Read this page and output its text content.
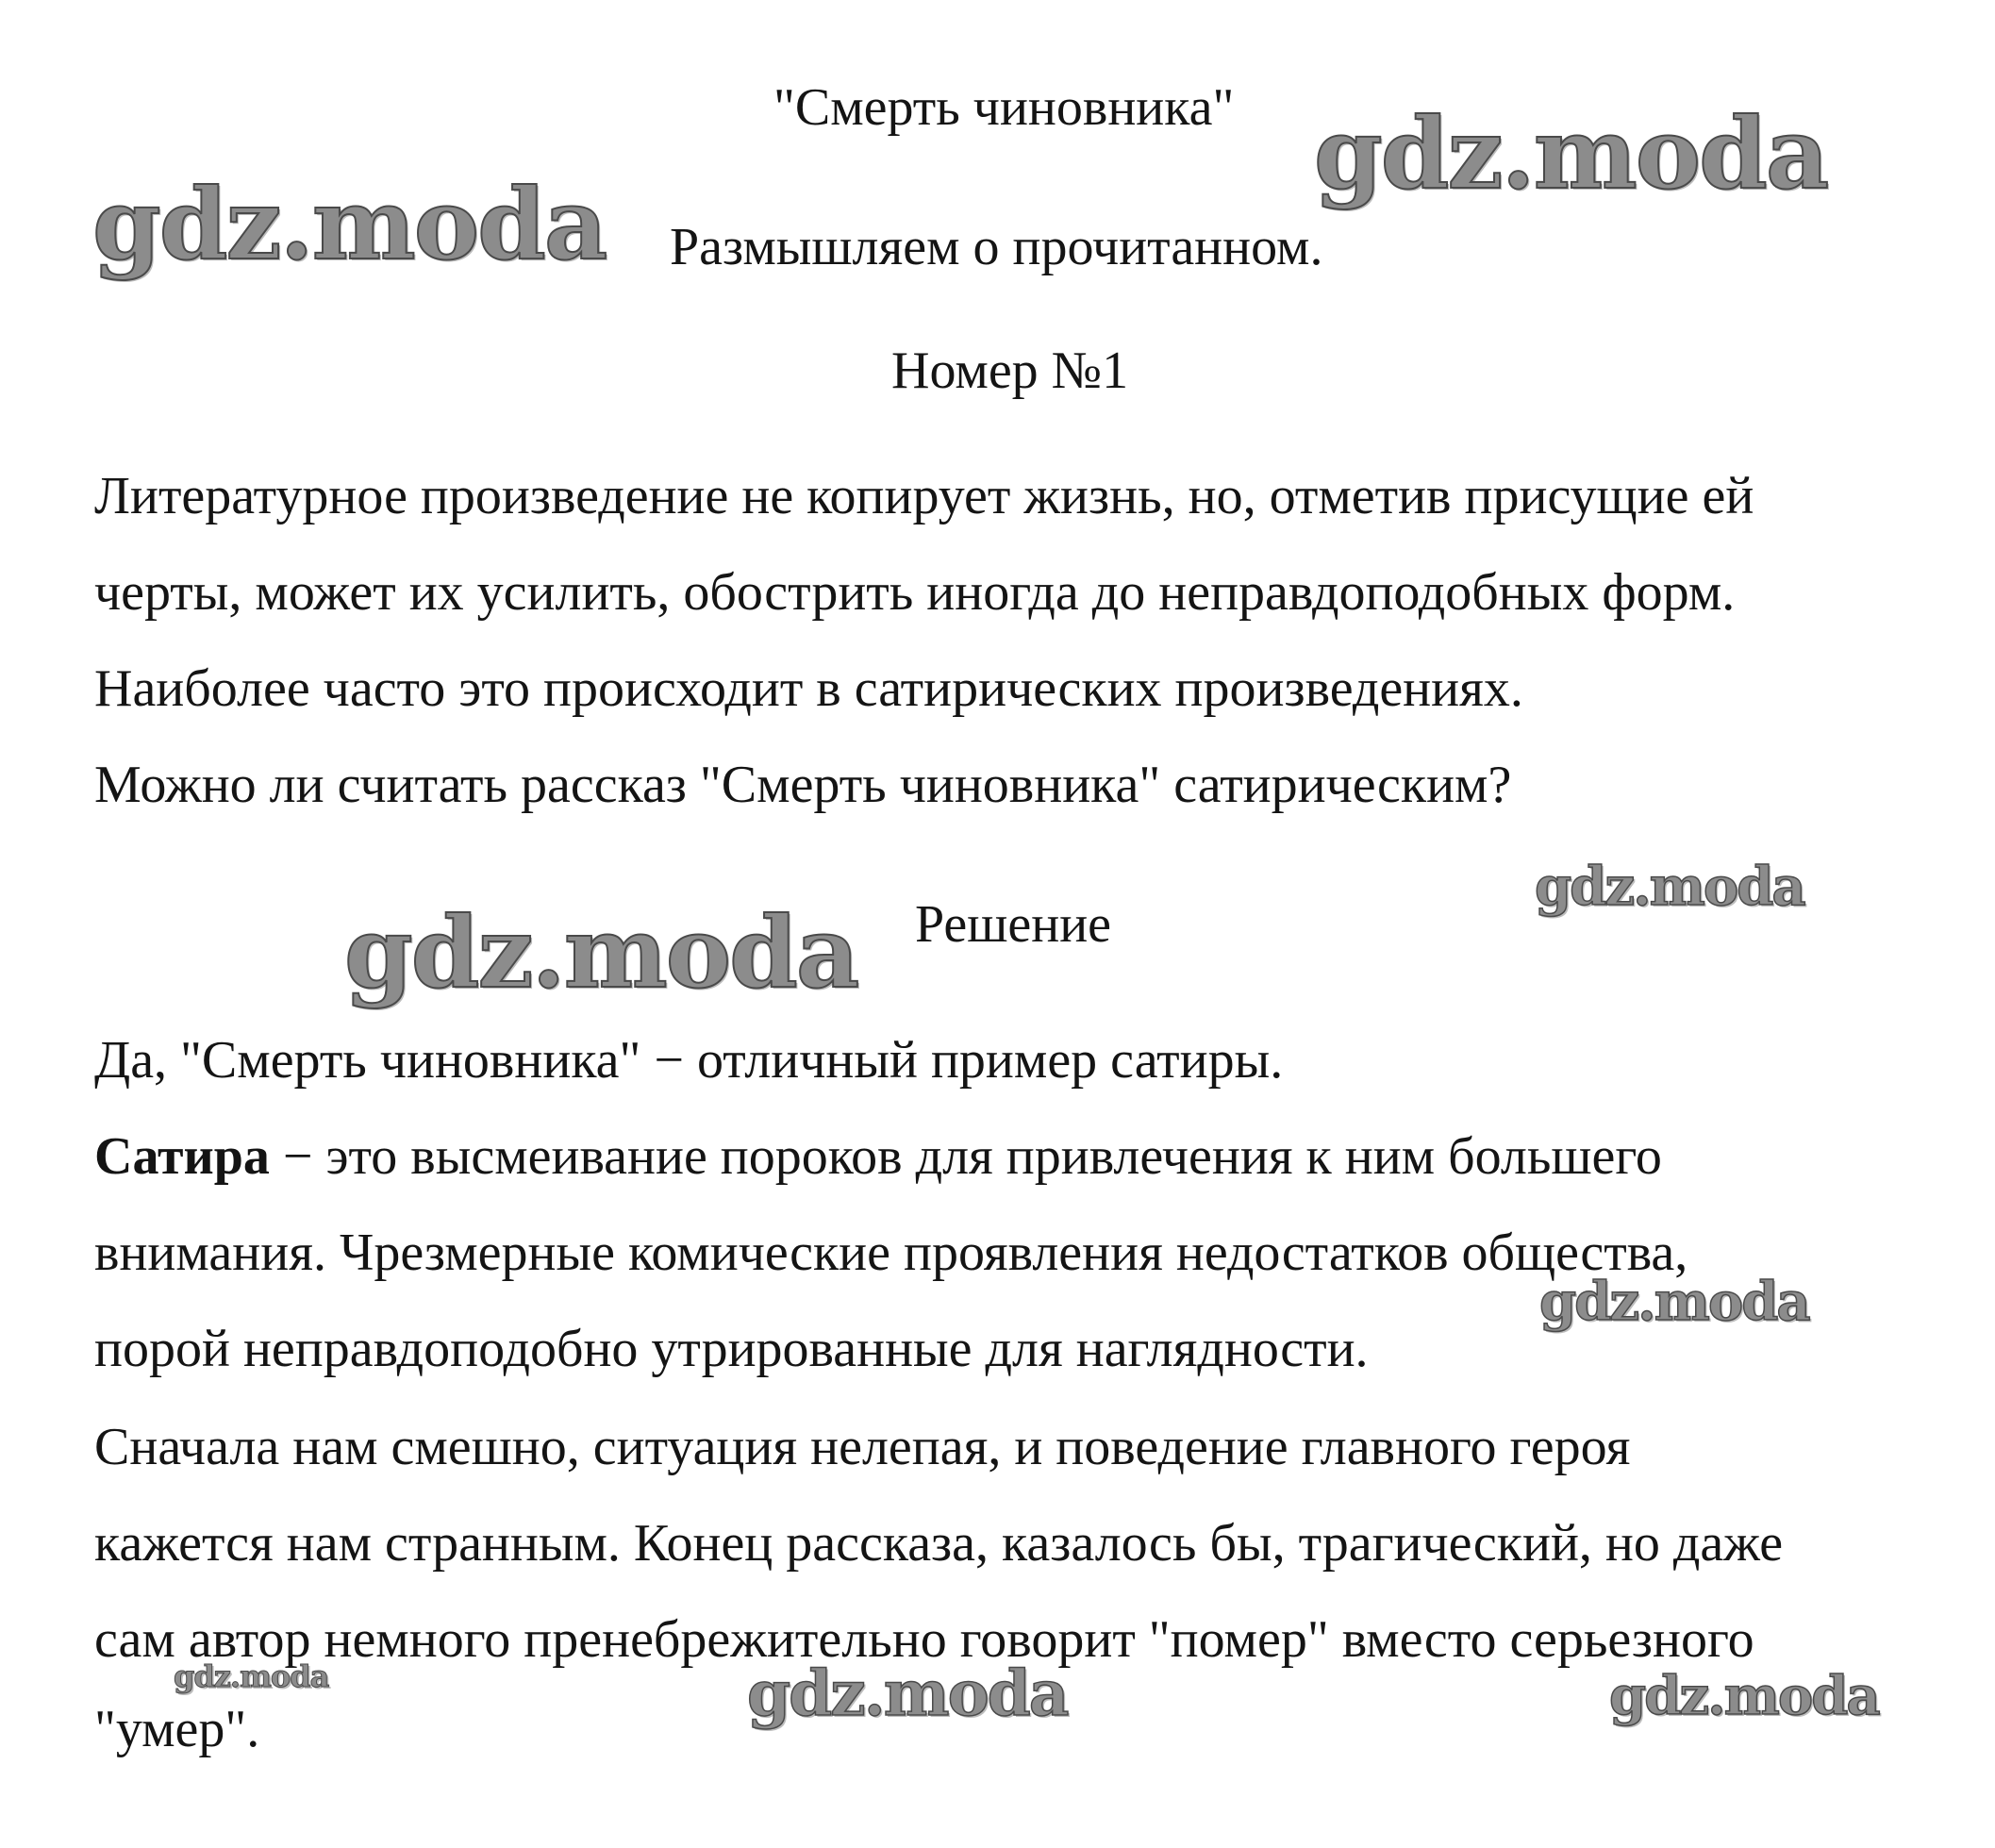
gdz.moda
gdz.moda
gdz.moda
gdz.moda
gdz.moda
gdz.moda	gdz.moda	gdz.moda
"Смерть чиновника"
Размышляем о прочитанном.
Номер №1
Литературное произведение не копирует жизнь, но, отметив присущие ей
черты, может их усилить, обострить иногда до неправдоподобных форм.
Наиболее часто это происходит в сатирических произведениях.
Можно ли считать рассказ "Смерть чиновника" сатирическим?
Решение
Да, "Смерть чиновника" − отличный пример сатиры.
Сатира − это высмеивание пороков для привлечения к ним большего
внимания. Чрезмерные комические проявления недостатков общества,
порой неправдоподобно утрированные для наглядности.
Сначала нам смешно, ситуация нелепая, и поведение главного героя
кажется нам странным. Конец рассказа, казалось бы, трагический, но даже
сам автор немного пренебрежительно говорит "помер" вместо серьезного
"умер".
